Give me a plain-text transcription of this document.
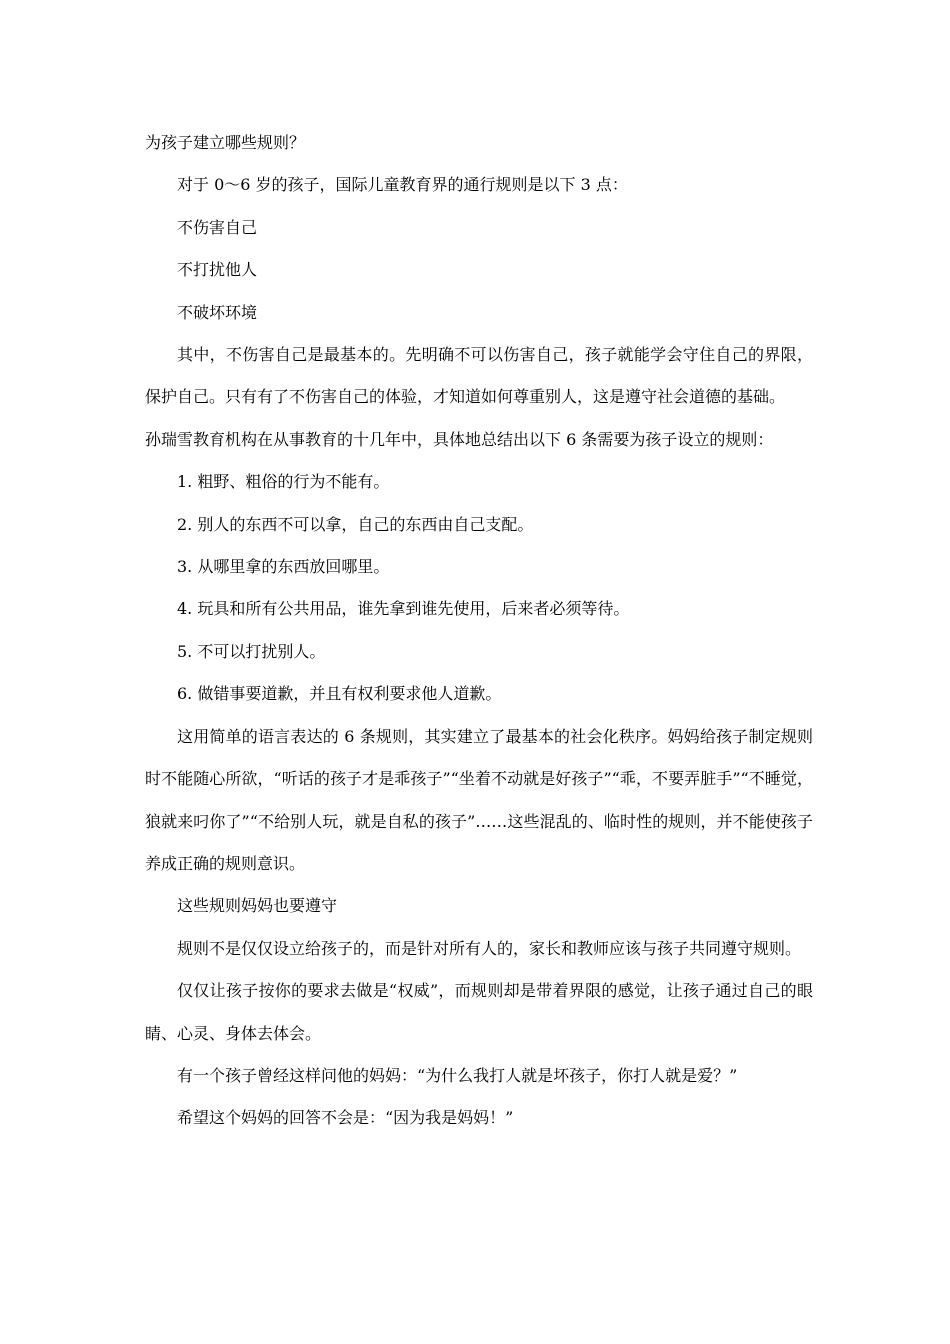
为孩子建立哪些规则？

对于 0～6 岁的孩子，国际儿童教育界的通行规则是以下 3 点：

不伤害自己

不打扰他人

不破坏环境

其中，不伤害自己是最基本的。先明确不可以伤害自己，孩子就能学会守住自己的界限，保护自己。只有有了不伤害自己的体验，才知道如何尊重别人，这是遵守社会道德的基础。

孙瑞雪教育机构在从事教育的十几年中，具体地总结出以下 6 条需要为孩子设立的规则：

1. 粗野、粗俗的行为不能有。

2. 别人的东西不可以拿，自己的东西由自己支配。

3. 从哪里拿的东西放回哪里。

4. 玩具和所有公共用品，谁先拿到谁先使用，后来者必须等待。

5. 不可以打扰别人。

6. 做错事要道歉，并且有权利要求他人道歉。

这用简单的语言表达的 6 条规则，其实建立了最基本的社会化秩序。妈妈给孩子制定规则时不能随心所欲，“听话的孩子才是乖孩子”“坐着不动就是好孩子”“乖，不要弄脏手”“不睡觉，狼就来叼你了”“不给别人玩，就是自私的孩子”……这些混乱的、临时性的规则，并不能使孩子养成正确的规则意识。

这些规则妈妈也要遵守

规则不是仅仅设立给孩子的，而是针对所有人的，家长和教师应该与孩子共同遵守规则。

仅仅让孩子按你的要求去做是“权威”，而规则却是带着界限的感觉，让孩子通过自己的眼睛、心灵、身体去体会。

有一个孩子曾经这样问他的妈妈：“为什么我打人就是坏孩子，你打人就是爱？”

希望这个妈妈的回答不会是：“因为我是妈妈！”
